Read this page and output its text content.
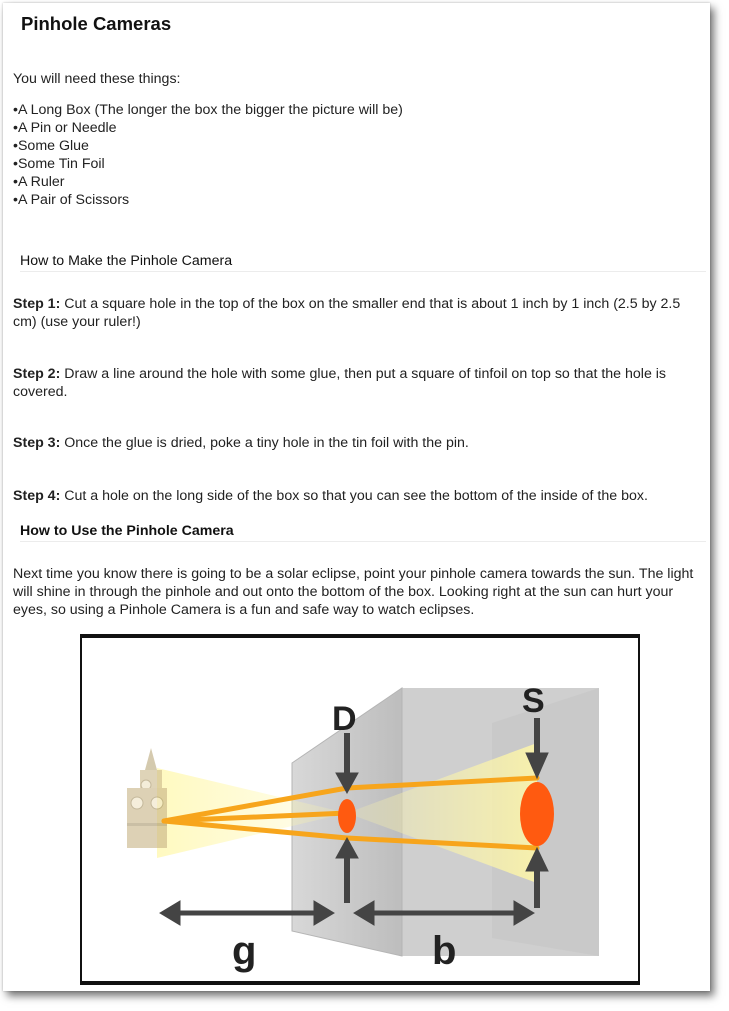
Pinhole Cameras
You will need these things:
• A Long Box (The longer the box the bigger the picture will be)
• A Pin or Needle
• Some Glue
• Some Tin Foil
• A Ruler
• A Pair of Scissors
How to Make the Pinhole Camera
Step 1: Cut a square hole in the top of the box on the smaller end that is about 1 inch by 1 inch (2.5 by 2.5 cm) (use your ruler!)
Step 2: Draw a line around the hole with some glue, then put a square of tinfoil on top so that the hole is covered.
Step 3: Once the glue is dried, poke a tiny hole in the tin foil with the pin.
Step 4: Cut a hole on the long side of the box so that you can see the bottom of the inside of the box.
How to Use the Pinhole Camera
Next time you know there is going to be a solar eclipse, point your pinhole camera towards the sun. The light will shine in through the pinhole and out onto the bottom of the box. Looking right at the sun can hurt your eyes, so using a Pinhole Camera is a fun and safe way to watch eclipses.
D	S
g	b
